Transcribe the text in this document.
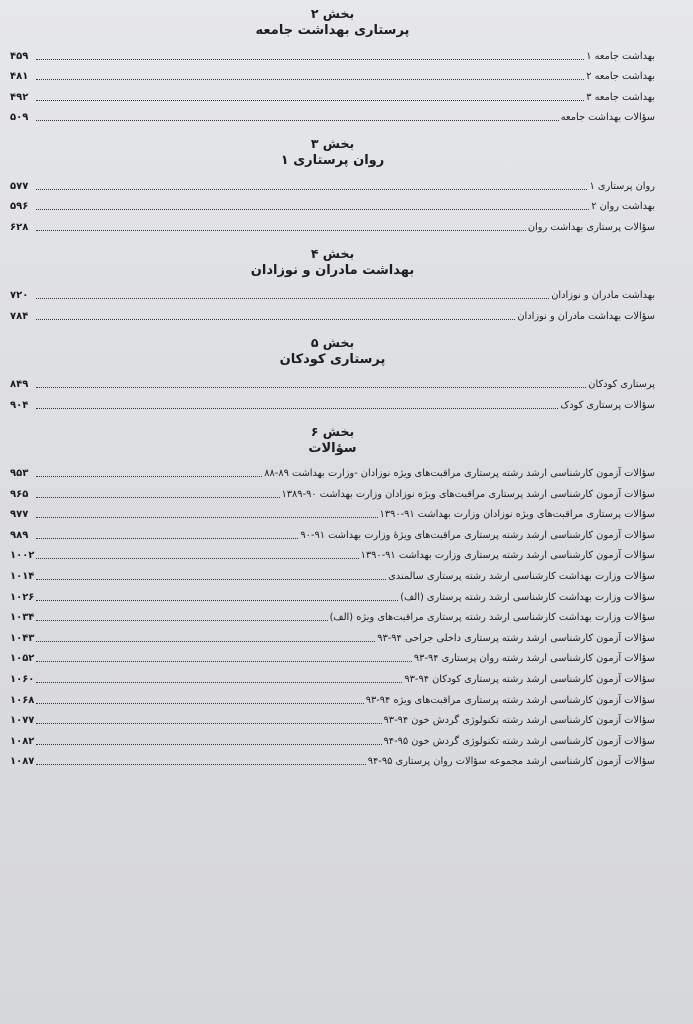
بخش ۲
پرستاری بهداشت جامعه
بهداشت جامعه ۱
۴۵۹
بهداشت جامعه ۲
۴۸۱
بهداشت جامعه ۳
۴۹۲
سؤالات بهداشت جامعه
۵۰۹
بخش ۳
روان پرستاری ۱
روان پرستاری ۱
۵۷۷
بهداشت روان ۲
۵۹۶
سؤالات پرستاری بهداشت روان
۶۲۸
بخش ۴
بهداشت مادران و نوزادان
بهداشت مادران و نوزادان
۷۲۰
سؤالات بهداشت مادران و نوزادان
۷۸۴
بخش ۵
پرستاری کودکان
پرستاری کودکان
۸۴۹
سؤالات پرستاری کودک
۹۰۴
بخش ۶
سؤالات
سؤالات آزمون کارشناسی ارشد رشته پرستاری مراقبت‌های ویژه نوزادان -وزارت بهداشت ۸۹-۸۸
۹۵۳
سؤالات آزمون کارشناسی ارشد پرستاری مراقبت‌های ویژه نوزادان وزارت بهداشت ۹۰-۱۳۸۹
۹۶۵
سؤالات پرستاری مراقبت‌های ویژه نوزادان وزارت بهداشت ۹۱-۱۳۹۰
۹۷۷
سؤالات آزمون کارشناسی ارشد رشته پرستاری مراقبت‌های ویژهٔ وزارت بهداشت ۹۱-۹۰
۹۸۹
سؤالات آزمون کارشناسی ارشد رشته پرستاری وزارت بهداشت ۹۱-۱۳۹۰
۱۰۰۲
سؤالات وزارت بهداشت کارشناسی ارشد رشته پرستاری سالمندی
۱۰۱۴
سؤالات وزارت بهداشت کارشناسی ارشد رشته پرستاری (الف)
۱۰۲۶
سؤالات وزارت بهداشت کارشناسی ارشد رشته پرستاری مراقبت‌های ویژه (الف)
۱۰۳۴
سؤالات آزمون کارشناسی ارشد رشته پرستاری داخلی جراحی ۹۴-۹۳
۱۰۴۳
سؤالات آزمون کارشناسی ارشد رشته روان پرستاری ۹۴-۹۳
۱۰۵۲
سؤالات آزمون کارشناسی ارشد رشته پرستاری کودکان ۹۴-۹۳
۱۰۶۰
سؤالات آزمون کارشناسی ارشد رشته پرستاری مراقبت‌های ویژه ۹۴-۹۳
۱۰۶۸
سؤالات آزمون کارشناسی ارشد رشته تکنولوژی گردش خون ۹۴-۹۳
۱۰۷۷
سؤالات آزمون کارشناسی ارشد رشته تکنولوژی گردش خون ۹۵-۹۴
۱۰۸۲
سؤالات آزمون کارشناسی ارشد مجموعه سؤالات روان پرستاری ۹۵-۹۴
۱۰۸۷
